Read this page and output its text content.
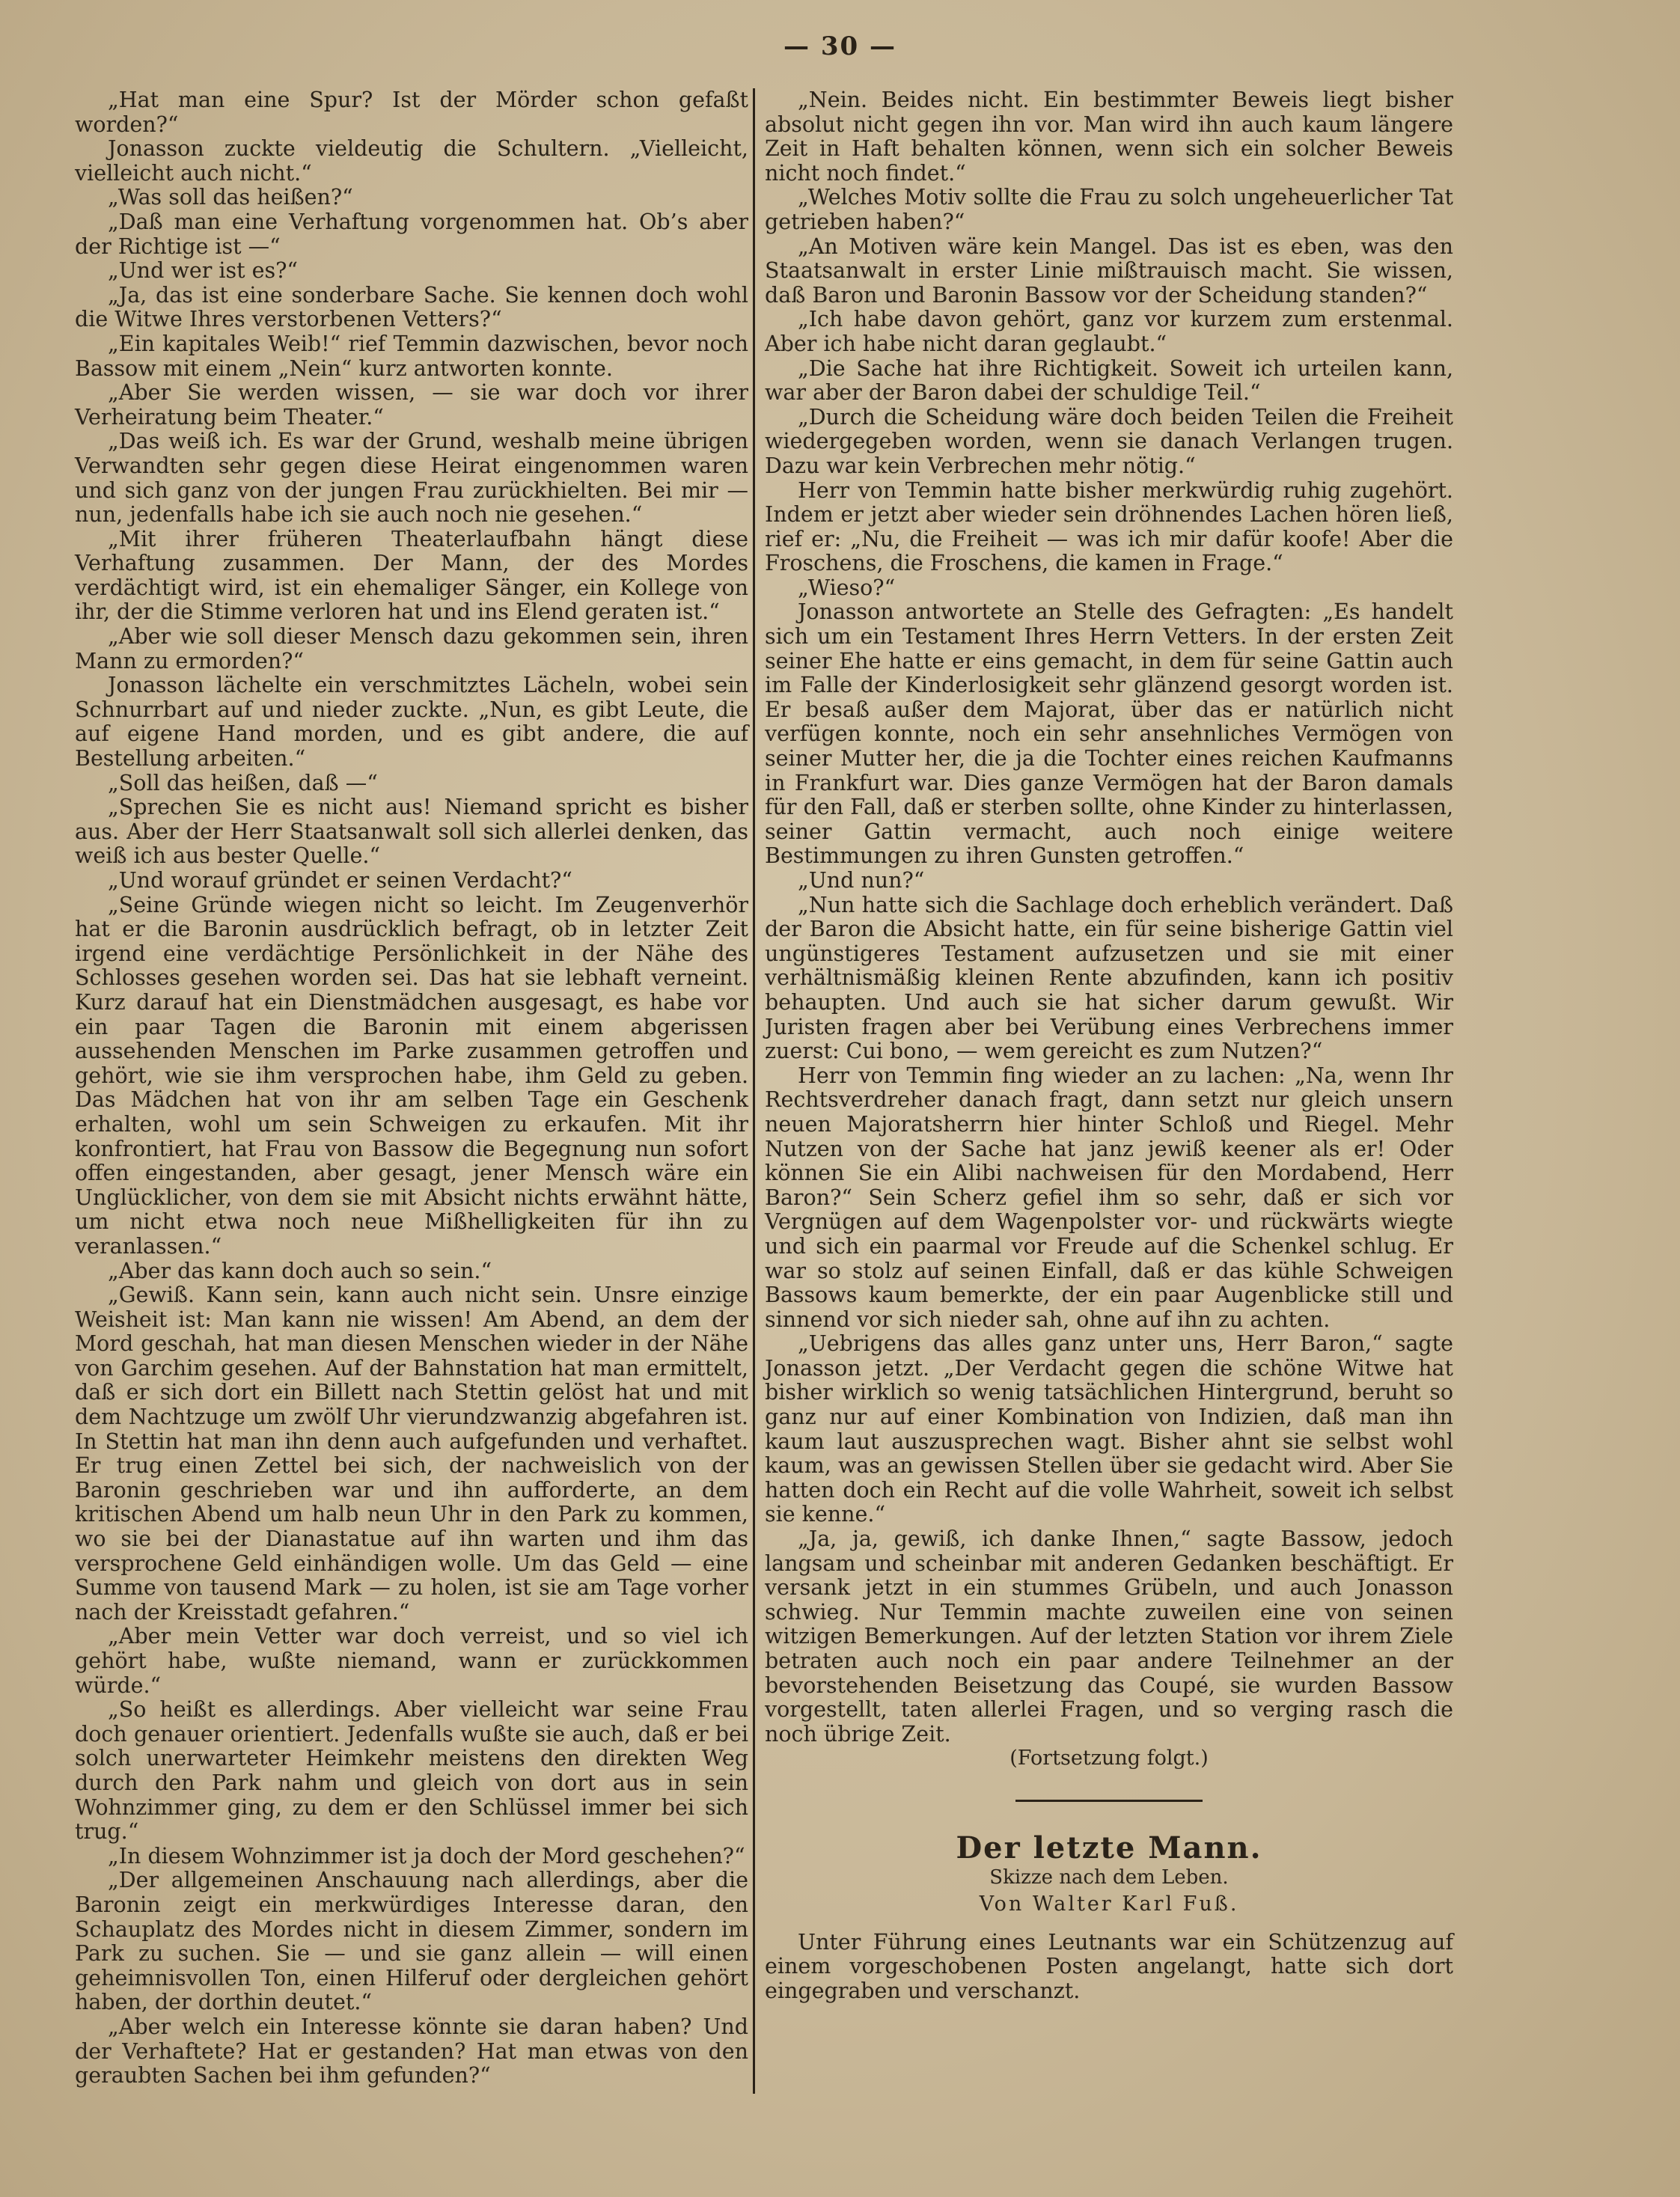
— 30 —

„Hat man eine Spur? Ist der Mörder schon gefaßt worden?“

Jonasson zuckte vieldeutig die Schultern. „Vielleicht, vielleicht auch nicht.“

„Was soll das heißen?“

„Daß man eine Verhaftung vorgenommen hat. Ob’s aber der Richtige ist —“

„Und wer ist es?“

„Ja, das ist eine sonderbare Sache. Sie kennen doch wohl die Witwe Ihres verstorbenen Vetters?“

„Ein kapitales Weib!“ rief Temmin dazwischen, bevor noch Bassow mit einem „Nein“ kurz antworten konnte.

„Aber Sie werden wissen, — sie war doch vor ihrer Verheiratung beim Theater.“

„Das weiß ich. Es war der Grund, weshalb meine übrigen Verwandten sehr gegen diese Heirat eingenommen waren und sich ganz von der jungen Frau zurückhielten. Bei mir — nun, jedenfalls habe ich sie auch noch nie gesehen.“

„Mit ihrer früheren Theaterlaufbahn hängt diese Verhaftung zusammen. Der Mann, der des Mordes verdächtigt wird, ist ein ehemaliger Sänger, ein Kollege von ihr, der die Stimme verloren hat und ins Elend geraten ist.“

„Aber wie soll dieser Mensch dazu gekommen sein, ihren Mann zu ermorden?“

Jonasson lächelte ein verschmitztes Lächeln, wobei sein Schnurrbart auf und nieder zuckte. „Nun, es gibt Leute, die auf eigene Hand morden, und es gibt andere, die auf Bestellung arbeiten.“

„Soll das heißen, daß —“

„Sprechen Sie es nicht aus! Niemand spricht es bisher aus. Aber der Herr Staatsanwalt soll sich allerlei denken, das weiß ich aus bester Quelle.“

„Und worauf gründet er seinen Verdacht?“

„Seine Gründe wiegen nicht so leicht. Im Zeugenverhör hat er die Baronin ausdrücklich befragt, ob in letzter Zeit irgend eine verdächtige Persönlichkeit in der Nähe des Schlosses gesehen worden sei. Das hat sie lebhaft verneint. Kurz darauf hat ein Dienstmädchen ausgesagt, es habe vor ein paar Tagen die Baronin mit einem abgerissen aussehenden Menschen im Parke zusammen getroffen und gehört, wie sie ihm versprochen habe, ihm Geld zu geben. Das Mädchen hat von ihr am selben Tage ein Geschenk erhalten, wohl um sein Schweigen zu erkaufen. Mit ihr konfrontiert, hat Frau von Bassow die Begegnung nun sofort offen eingestanden, aber gesagt, jener Mensch wäre ein Unglücklicher, von dem sie mit Absicht nichts erwähnt hätte, um nicht etwa noch neue Mißhelligkeiten für ihn zu veranlassen.“

„Aber das kann doch auch so sein.“

„Gewiß. Kann sein, kann auch nicht sein. Unsre einzige Weisheit ist: Man kann nie wissen! Am Abend, an dem der Mord geschah, hat man diesen Menschen wieder in der Nähe von Garchim gesehen. Auf der Bahnstation hat man ermittelt, daß er sich dort ein Billett nach Stettin gelöst hat und mit dem Nachtzuge um zwölf Uhr vierundzwanzig abgefahren ist. In Stettin hat man ihn denn auch aufgefunden und verhaftet. Er trug einen Zettel bei sich, der nachweislich von der Baronin geschrieben war und ihn aufforderte, an dem kritischen Abend um halb neun Uhr in den Park zu kommen, wo sie bei der Dianastatue auf ihn warten und ihm das versprochene Geld einhändigen wolle. Um das Geld — eine Summe von tausend Mark — zu holen, ist sie am Tage vorher nach der Kreisstadt gefahren.“

„Aber mein Vetter war doch verreist, und so viel ich gehört habe, wußte niemand, wann er zurückkommen würde.“

„So heißt es allerdings. Aber vielleicht war seine Frau doch genauer orientiert. Jedenfalls wußte sie auch, daß er bei solch unerwarteter Heimkehr meistens den direkten Weg durch den Park nahm und gleich von dort aus in sein Wohnzimmer ging, zu dem er den Schlüssel immer bei sich trug.“

„In diesem Wohnzimmer ist ja doch der Mord geschehen?“

„Der allgemeinen Anschauung nach allerdings, aber die Baronin zeigt ein merkwürdiges Interesse daran, den Schauplatz des Mordes nicht in diesem Zimmer, sondern im Park zu suchen. Sie — und sie ganz allein — will einen geheimnisvollen Ton, einen Hilferuf oder dergleichen gehört haben, der dorthin deutet.“

„Aber welch ein Interesse könnte sie daran haben? Und der Verhaftete? Hat er gestanden? Hat man etwas von den geraubten Sachen bei ihm gefunden?“

„Nein. Beides nicht. Ein bestimmter Beweis liegt bisher absolut nicht gegen ihn vor. Man wird ihn auch kaum längere Zeit in Haft behalten können, wenn sich ein solcher Beweis nicht noch findet.“

„Welches Motiv sollte die Frau zu solch ungeheuerlicher Tat getrieben haben?“

„An Motiven wäre kein Mangel. Das ist es eben, was den Staatsanwalt in erster Linie mißtrauisch macht. Sie wissen, daß Baron und Baronin Bassow vor der Scheidung standen?“

„Ich habe davon gehört, ganz vor kurzem zum erstenmal. Aber ich habe nicht daran geglaubt.“

„Die Sache hat ihre Richtigkeit. Soweit ich urteilen kann, war aber der Baron dabei der schuldige Teil.“

„Durch die Scheidung wäre doch beiden Teilen die Freiheit wiedergegeben worden, wenn sie danach Verlangen trugen. Dazu war kein Verbrechen mehr nötig.“

Herr von Temmin hatte bisher merkwürdig ruhig zugehört. Indem er jetzt aber wieder sein dröhnendes Lachen hören ließ, rief er: „Nu, die Freiheit — was ich mir dafür koofe! Aber die Froschens, die Froschens, die kamen in Frage.“

„Wieso?“

Jonasson antwortete an Stelle des Gefragten: „Es handelt sich um ein Testament Ihres Herrn Vetters. In der ersten Zeit seiner Ehe hatte er eins gemacht, in dem für seine Gattin auch im Falle der Kinderlosigkeit sehr glänzend gesorgt worden ist. Er besaß außer dem Majorat, über das er natürlich nicht verfügen konnte, noch ein sehr ansehnliches Vermögen von seiner Mutter her, die ja die Tochter eines reichen Kaufmanns in Frankfurt war. Dies ganze Vermögen hat der Baron damals für den Fall, daß er sterben sollte, ohne Kinder zu hinterlassen, seiner Gattin vermacht, auch noch einige weitere Bestimmungen zu ihren Gunsten getroffen.“

„Und nun?“

„Nun hatte sich die Sachlage doch erheblich verändert. Daß der Baron die Absicht hatte, ein für seine bisherige Gattin viel ungünstigeres Testament aufzusetzen und sie mit einer verhältnismäßig kleinen Rente abzufinden, kann ich positiv behaupten. Und auch sie hat sicher darum gewußt. Wir Juristen fragen aber bei Verübung eines Verbrechens immer zuerst: Cui bono, — wem gereicht es zum Nutzen?“

Herr von Temmin fing wieder an zu lachen: „Na, wenn Ihr Rechtsverdreher danach fragt, dann setzt nur gleich unsern neuen Majoratsherrn hier hinter Schloß und Riegel. Mehr Nutzen von der Sache hat janz jewiß keener als er! Oder können Sie ein Alibi nachweisen für den Mordabend, Herr Baron?“ Sein Scherz gefiel ihm so sehr, daß er sich vor Vergnügen auf dem Wagenpolster vor- und rückwärts wiegte und sich ein paarmal vor Freude auf die Schenkel schlug. Er war so stolz auf seinen Einfall, daß er das kühle Schweigen Bassows kaum bemerkte, der ein paar Augenblicke still und sinnend vor sich nieder sah, ohne auf ihn zu achten.

„Uebrigens das alles ganz unter uns, Herr Baron,“ sagte Jonasson jetzt. „Der Verdacht gegen die schöne Witwe hat bisher wirklich so wenig tatsächlichen Hintergrund, beruht so ganz nur auf einer Kombination von Indizien, daß man ihn kaum laut auszusprechen wagt. Bisher ahnt sie selbst wohl kaum, was an gewissen Stellen über sie gedacht wird. Aber Sie hatten doch ein Recht auf die volle Wahrheit, soweit ich selbst sie kenne.“

„Ja, ja, gewiß, ich danke Ihnen,“ sagte Bassow, jedoch langsam und scheinbar mit anderen Gedanken beschäftigt. Er versank jetzt in ein stummes Grübeln, und auch Jonasson schwieg. Nur Temmin machte zuweilen eine von seinen witzigen Bemerkungen. Auf der letzten Station vor ihrem Ziele betraten auch noch ein paar andere Teilnehmer an der bevorstehenden Beisetzung das Coupé, sie wurden Bassow vorgestellt, taten allerlei Fragen, und so verging rasch die noch übrige Zeit.

(Fortsetzung folgt.)

Der letzte Mann.
Skizze nach dem Leben.
Von Walter Karl Fuß.

Unter Führung eines Leutnants war ein Schützenzug auf einem vorgeschobenen Posten angelangt, hatte sich dort eingegraben und verschanzt.
